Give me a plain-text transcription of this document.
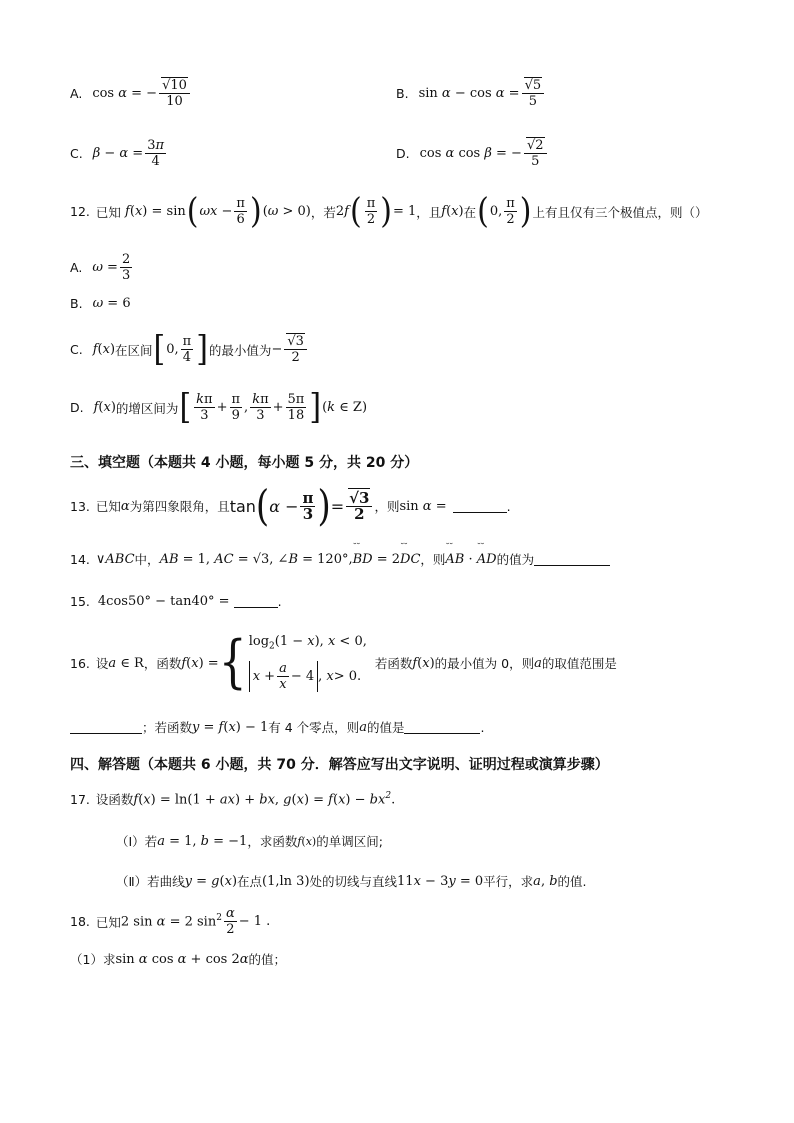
A. cos α = − $\frac{√10}{10}$	B. $\sin \alpha - \cos \alpha = \frac{√5}{5}$
C. $\beta - \alpha = \frac{3\pi}{4}$	D. cos α cos β = − $\frac{√2}{5}$
12. 已知 f(x) = sin ( $\omega x - \frac{\pi}{6}$ ) (ω > 0) ，若 2f ( $\frac{\pi}{2}$ ) = 1 ，且 f(x) 在 ( 0, $\frac{\pi}{2}$ ) 上有且仅有三个极值点，则（）
A. $\omega = \frac{2}{3}$
B. ω = 6
C. f(x) 在区间 [ 0, $\frac{\pi}{4}$ ] 的最小值为 − $\frac{√3}{2}$
D. f(x) 的增区间为 [ $\frac{k\pi}{3} + \frac{\pi}{9}$ , $\frac{k\pi}{3} + \frac{5\pi}{18}$ ] (k ∈ Z)
三、填空题（本题共 4 小题，每小题 5 分，共 20 分）
13. 已知 α 为第四象限角，且 tan ( $\alpha - \frac{\pi}{3}$ ) = $\frac{√3}{2}$ ，则 sin α =	.
14. ∨ABC 中， AB = 1, AC = √3, ∠B = 120° , ˘˘ BD = 2˘˘ DC ，则 ˘˘ AB · ˘˘ AD 的值为
15. 4cos50° − tan40° =	.
16. 设 a ∈ R ，函数 f(x) = { $\log_2(1 - x)$, x < 0,
$x + \frac{a}{x} - 4$ , x > 0.
若函数 f(x) 的最小值为 0，则 a 的取值范围是
；若函数 y = f(x) − 1 有 4 个零点，则 a 的值是	.
四、解答题（本题共 6 小题，共 70 分．解答应写出文字说明、证明过程或演算步骤）
17. 设函数 f(x) = ln(1 + ax) + bx, $g(x) = f(x) - bx^2$.
（Ⅰ）若 a = 1, b = −1 ，求函数 f(x) 的单调区间;
（Ⅱ）若曲线 y = g(x) 在点 (1,ln 3) 处的切线与直线 11x − 3y = 0 平行，求 a, b 的值.
18. 已知 2 sin α = 2 $\sin^2 \frac{\alpha}{2} - 1$ .
（1）求 sin α cos α + cos 2α 的值；
